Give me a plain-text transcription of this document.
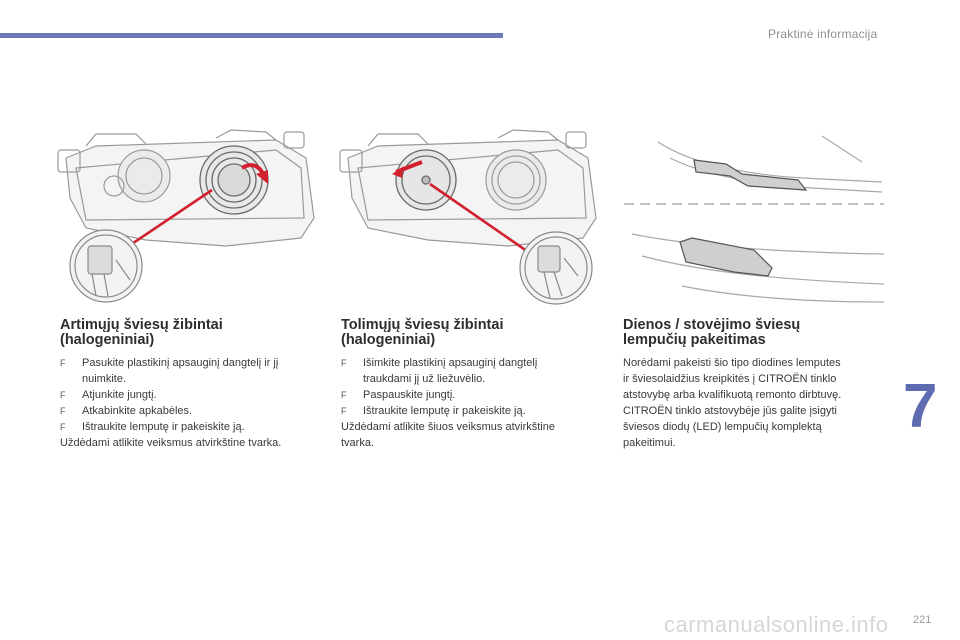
Praktinė informacija
Artimųjų šviesų žibintai
(halogeniniai)
F	Pasukite plastikinį apsauginį dangtelį ir jį
nuimkite.
F	Atjunkite jungtį.
F	Atkabinkite apkabėles.
F	Ištraukite lemputę ir pakeiskite ją.

Uždėdami atlikite veiksmus atvirkštine tvarka.

Tolimųjų šviesų žibintai
(halogeniniai)
F	Išimkite plastikinį apsauginį dangtelį
traukdami jį už liežuvėlio.
F	Paspauskite jungtį.
F	Ištraukite lemputę ir pakeiskite ją.

Uždėdami atlikite šiuos veiksmus atvirkštine
tvarka.

Dienos / stovėjimo šviesų
lempučių pakeitimas

Norėdami pakeisti šio tipo diodines lemputes
ir šviesolaidžius kreipkitės į CITROËN tinklo
atstovybę arba kvalifikuotą remonto dirbtuvę.
CITROËN tinklo atstovybėje jūs galite įsigyti
šviesos diodų (LED) lempučių komplektą
pakeitimui.

7
carmanualsonline.info 221
